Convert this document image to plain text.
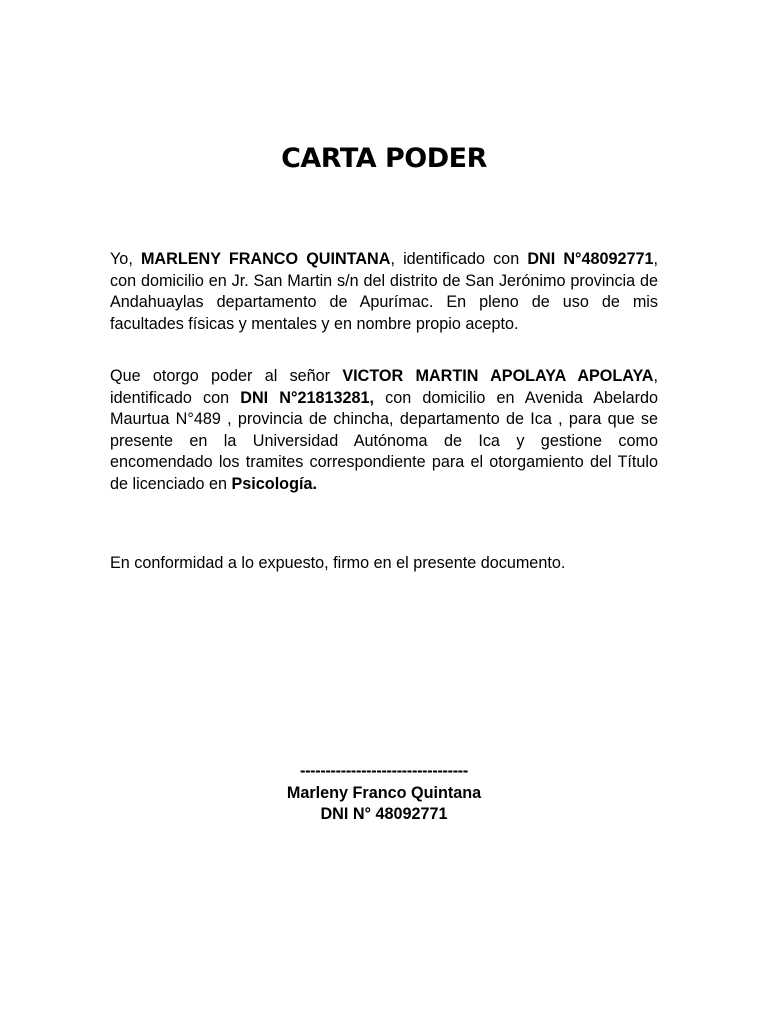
CARTA PODER

Yo, MARLENY FRANCO QUINTANA, identificado con DNI N°48092771, con domicilio en Jr. San Martin s/n del distrito de San Jerónimo provincia de Andahuaylas departamento de Apurímac. En pleno de uso de mis facultades físicas y mentales y en nombre propio acepto.

Que otorgo poder al señor VICTOR MARTIN APOLAYA APOLAYA, identificado con DNI N°21813281, con domicilio en Avenida Abelardo Maurtua N°489 , provincia de chincha, departamento de Ica , para que se presente en la Universidad Autónoma de Ica y gestione como encomendado los tramites correspondiente para el otorgamiento del Título de licenciado en Psicología.

En conformidad a lo expuesto, firmo en el presente documento.

---------------------------------
Marleny Franco Quintana
DNI N° 48092771
